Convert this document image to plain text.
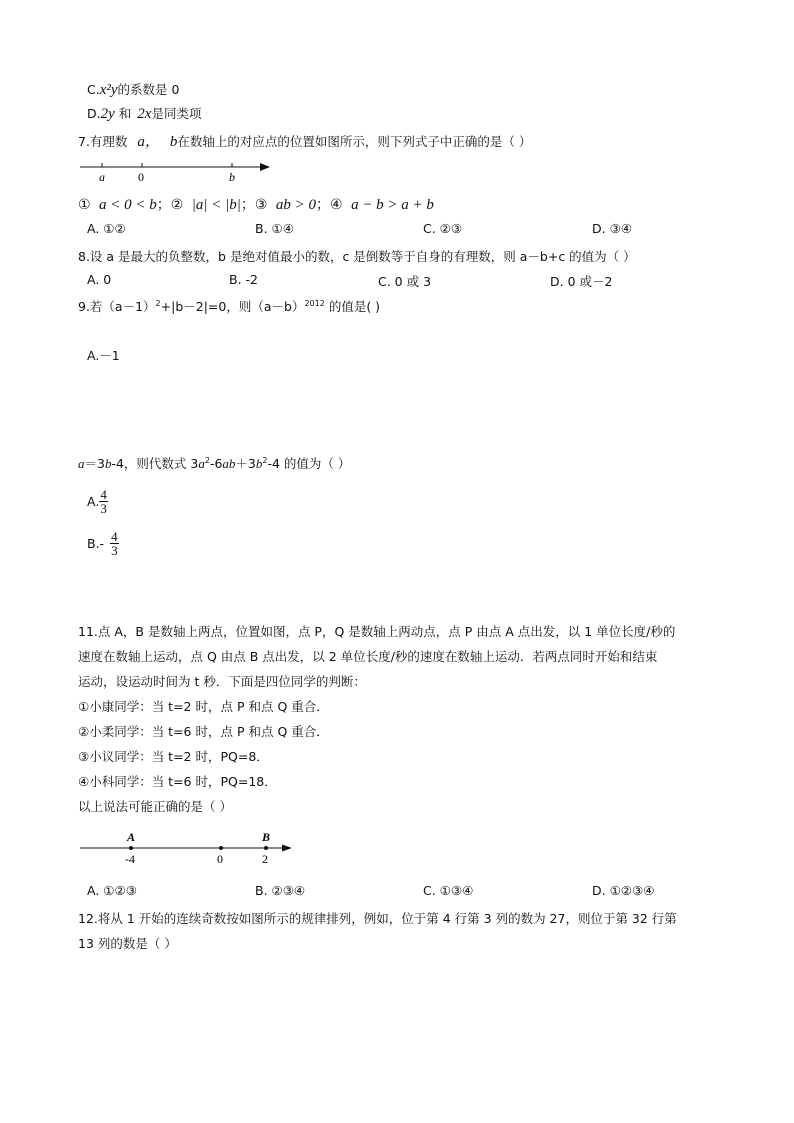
C.x²y的系数是 0
D.2y 和 2x是同类项
7.有理数 a， b在数轴上的对应点的位置如图所示，则下列式子中正确的是（ ）
a	0	b
① a < 0 < b；② |a| < |b|；③ ab > 0；④ a − b > a + b
A. ①②	B. ①④	C. ②③	D. ③④
8.设 a 是最大的负整数，b 是绝对值最小的数，c 是倒数等于自身的有理数，则 a－b+c 的值为（ ）
A. 0	B. -2	C. 0 或 3	D. 0 或－2
9.若$(a-1)^2+|b-2|=0$，则$(a-b)^{2012}$ 的值是( )
A.－1
a＝3b-4，则代数式 $3a^2-6ab+3b^2-4$ 的值为（ ）
A. $\frac{4}{3}$
$B.- \frac{4}{3}$
11.点 A，B 是数轴上两点，位置如图，点 P，Q 是数轴上两动点，点 P 由点 A 点出发，以 1 单位长度/秒的
速度在数轴上运动，点 Q 由点 B 点出发，以 2 单位长度/秒的速度在数轴上运动．若两点同时开始和结束
运动，设运动时间为 t 秒．下面是四位同学的判断：
①小康同学：当 t=2 时，点 P 和点 Q 重合．
②小柔同学：当 t=6 时，点 P 和点 Q 重合．
③小议同学：当 t=2 时，PQ=8．
④小科同学：当 t=6 时，PQ=18．
以上说法可能正确的是（ ）
A	B
-4	0	2
A. ①②③	B. ②③④	C. ①③④	D. ①②③④
12.将从 1 开始的连续奇数按如图所示的规律排列，例如，位于第 4 行第 3 列的数为 27，则位于第 32 行第
13 列的数是（ ）
